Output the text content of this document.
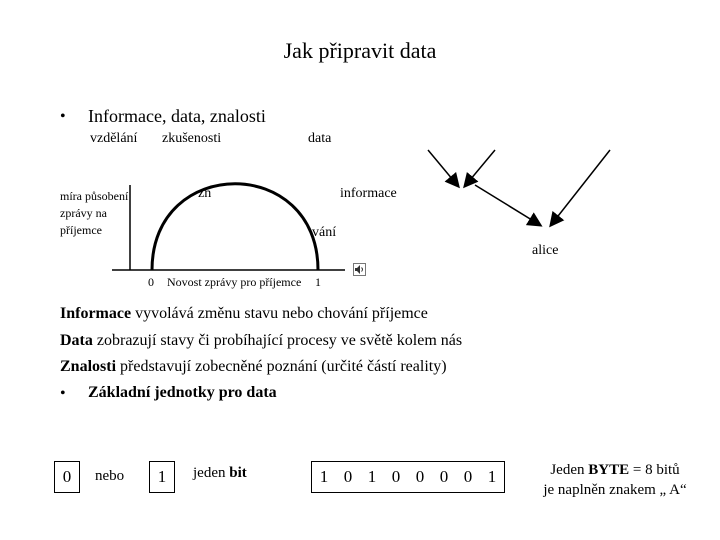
Jak připravit data
• Informace, data, znalosti
vzdělání zkušenosti	data
míra působení
zprávy na
příjemce
zn	informace
vání
alice
0 Novost zprávy pro příjemce 1
Informace vyvolává změnu stavu nebo chování příjemce
Data zobrazují stavy či probíhající procesy ve světě kolem nás
Znalosti představují zobecněné poznání (určité částí reality)
• Základní jednotky pro data
0	nebo	1	jeden bit	1 0 1 0 0 0 0 1	Jeden BYTE = 8 bitů
je naplněn znakem „ A“
